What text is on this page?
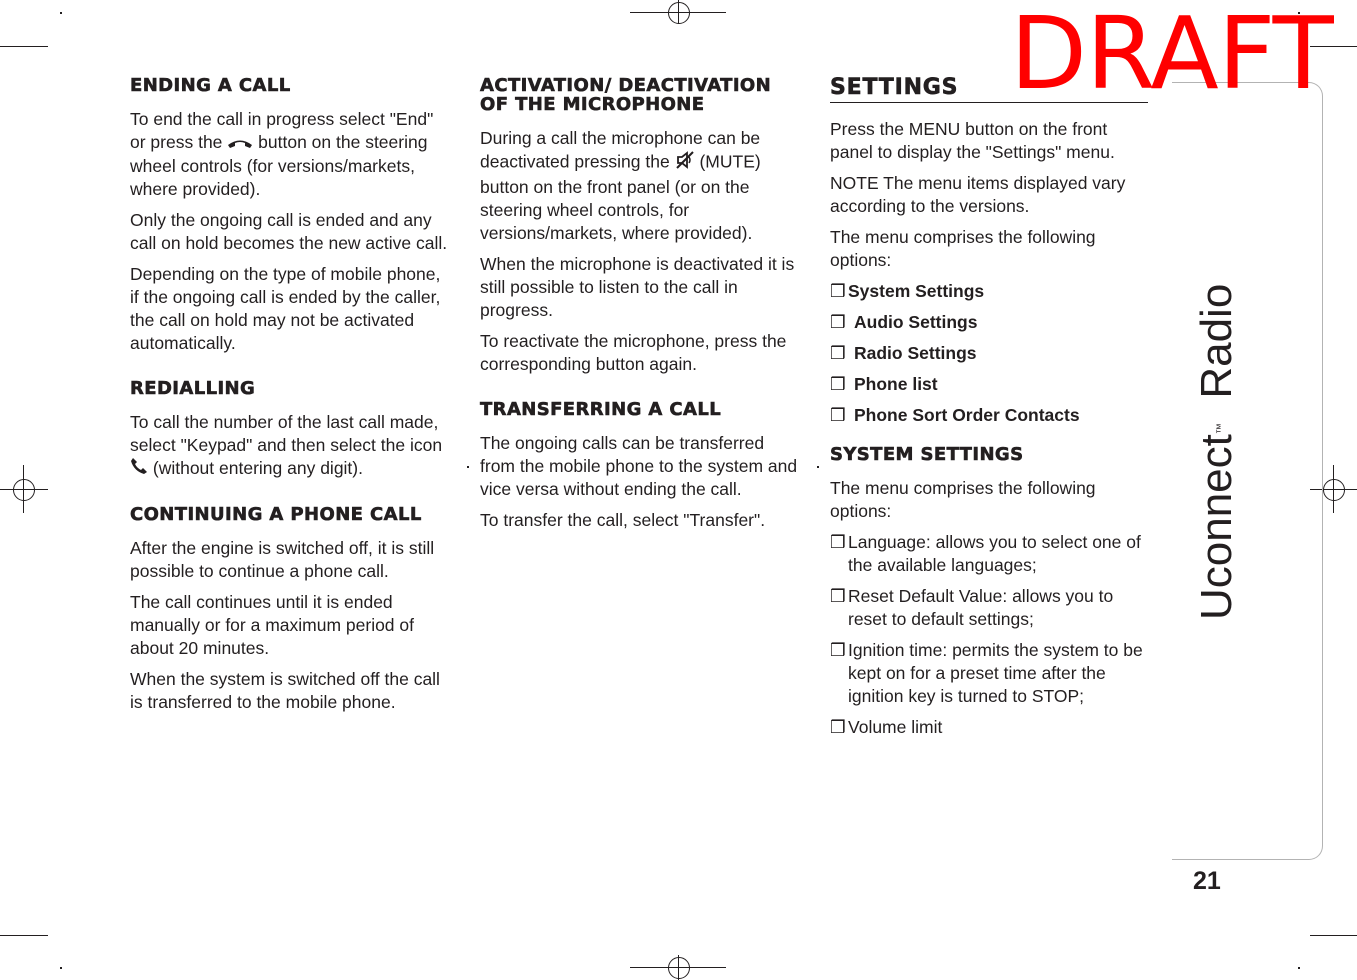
Uconnect™  Radio
21
DRAFT
ENDING A CALL
To end the call in progress select "End" or press the button on the steering wheel controls (for versions/markets, where provided).
Only the ongoing call is ended and any call on hold becomes the new active call.
Depending on the type of mobile phone, if the ongoing call is ended by the caller, the call on hold may not be activated automatically.
REDIALLING
To call the number of the last call made, select "Keypad" and then select the icon  (without entering any digit).
CONTINUING A PHONE CALL
After the engine is switched off, it is still possible to continue a phone call.
The call continues until it is ended manually or for a maximum period of about 20 minutes.
When the system is switched off the call is transferred to the mobile phone.
ACTIVATION/ DEACTIVATION OF THE MICROPHONE
During a call the microphone can be deactivated pressing the (MUTE) button on the front panel (or on the steering wheel controls, for versions/markets, where provided).
When the microphone is deactivated it is still possible to listen to the call in progress.
To reactivate the microphone, press the corresponding button again.
TRANSFERRING A CALL
The ongoing calls can be transferred from the mobile phone to the system and vice versa without ending the call.
To transfer the call, select "Transfer".
SETTINGS
Press the MENU button on the front panel to display the "Settings" menu.
NOTE The menu items displayed vary according to the versions.
The menu comprises the following options:
❒ System Settings
❒ Audio Settings
❒ Radio Settings
❒ Phone list
❒ Phone Sort Order Contacts
SYSTEM SETTINGS
The menu comprises the following options:
❒ Language: allows you to select one of the available languages;
❒ Reset Default Value: allows you to reset to default settings;
❒ Ignition time: permits the system to be kept on for a preset time after the ignition key is turned to STOP;
❒ Volume limit
